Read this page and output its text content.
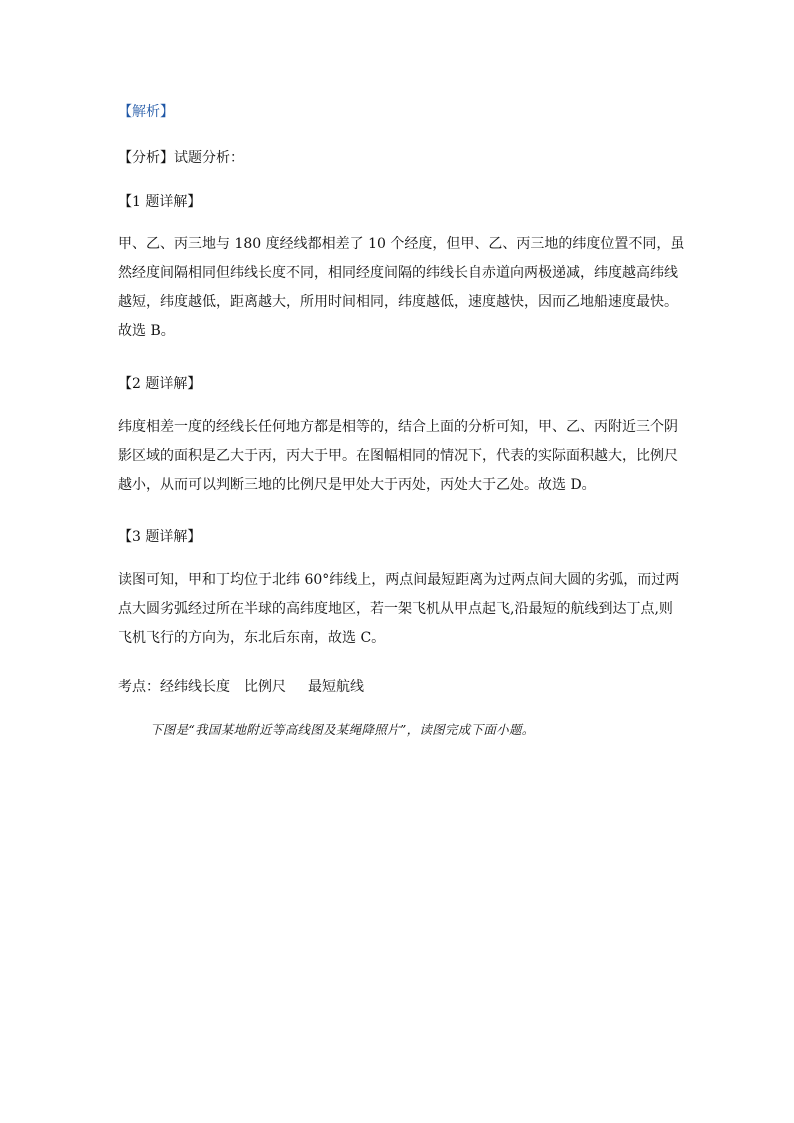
【解析】
【分析】试题分析：
【1 题详解】

甲、乙、丙三地与 180 度经线都相差了 10 个经度，但甲、乙、丙三地的纬度位置不同，虽

然经度间隔相同但纬线长度不同，相同经度间隔的纬线长自赤道向两极递减，纬度越高纬线

越短，纬度越低，距离越大，所用时间相同，纬度越低，速度越快，因而乙地船速度最快。

故选 B。

【2 题详解】

纬度相差一度的经线长任何地方都是相等的，结合上面的分析可知，甲、乙、丙附近三个阴

影区域的面积是乙大于丙，丙大于甲。在图幅相同的情况下，代表的实际面积越大，比例尺

越小，从而可以判断三地的比例尺是甲处大于丙处，丙处大于乙处。故选 D。

【3 题详解】

读图可知，甲和丁均位于北纬 60°纬线上，两点间最短距离为过两点间大圆的劣弧，而过两

点大圆劣弧经过所在半球的高纬度地区，若一架飞机从甲点起飞,沿最短的航线到达丁点,则

飞机飞行的方向为，东北后东南，故选 C。

考点：经纬线长度 比例尺 最短航线
下图是“我国某地附近等高线图及某绳降照片”，读图完成下面小题。
